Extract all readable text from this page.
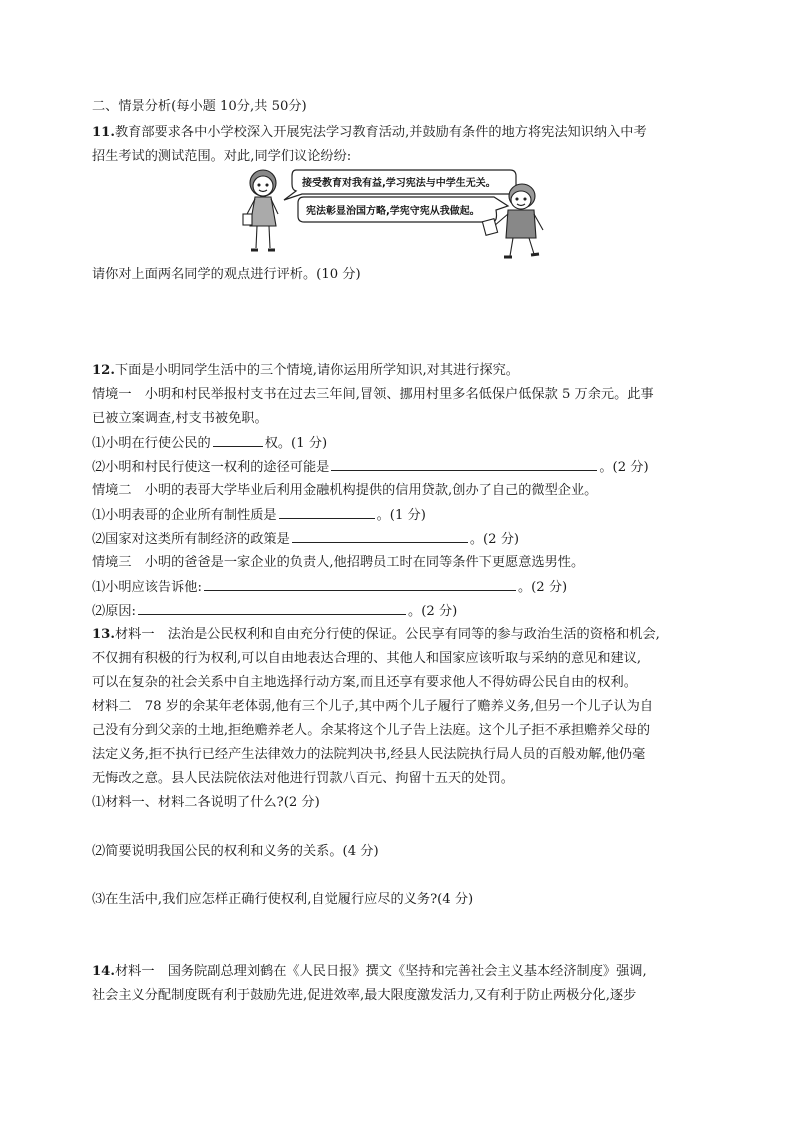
二、情景分析(每小题 10分,共 50分)
11.教育部要求各中小学校深入开展宪法学习教育活动,并鼓励有条件的地方将宪法知识纳入中考
招生考试的测试范围。对此,同学们议论纷纷:
接受教育对我有益,学习宪法与中学生无关。
宪法彰显治国方略,学宪守宪从我做起。
请你对上面两名同学的观点进行评析。(10 分)
12.下面是小明同学生活中的三个情境,请你运用所学知识,对其进行探究。
情境一　小明和村民举报村支书在过去三年间,冒领、挪用村里多名低保户低保款 5 万余元。此事
已被立案调查,村支书被免职。
⑴小明在行使公民的	权。(1 分)
⑵小明和村民行使这一权利的途径可能是	。(2 分)
情境二　小明的表哥大学毕业后利用金融机构提供的信用贷款,创办了自己的微型企业。
⑴小明表哥的企业所有制性质是	。(1 分)
⑵国家对这类所有制经济的政策是	。(2 分)
情境三　小明的爸爸是一家企业的负责人,他招聘员工时在同等条件下更愿意选男性。
⑴小明应该告诉他:	。(2 分)
⑵原因:	。(2 分)
13.材料一　法治是公民权利和自由充分行使的保证。公民享有同等的参与政治生活的资格和机会,
不仅拥有积极的行为权利,可以自由地表达合理的、其他人和国家应该听取与采纳的意见和建议,
可以在复杂的社会关系中自主地选择行动方案,而且还享有要求他人不得妨碍公民自由的权利。
材料二　78 岁的余某年老体弱,他有三个儿子,其中两个儿子履行了赡养义务,但另一个儿子认为自
己没有分到父亲的土地,拒绝赡养老人。余某将这个儿子告上法庭。这个儿子拒不承担赡养父母的
法定义务,拒不执行已经产生法律效力的法院判决书,经县人民法院执行局人员的百般劝解,他仍毫
无悔改之意。县人民法院依法对他进行罚款八百元、拘留十五天的处罚。
⑴材料一、材料二各说明了什么?(2 分)
⑵简要说明我国公民的权利和义务的关系。(4 分)
⑶在生活中,我们应怎样正确行使权利,自觉履行应尽的义务?(4 分)
14.材料一　国务院副总理刘鹤在《人民日报》撰文《坚持和完善社会主义基本经济制度》强调,
社会主义分配制度既有利于鼓励先进,促进效率,最大限度激发活力,又有利于防止两极分化,逐步
